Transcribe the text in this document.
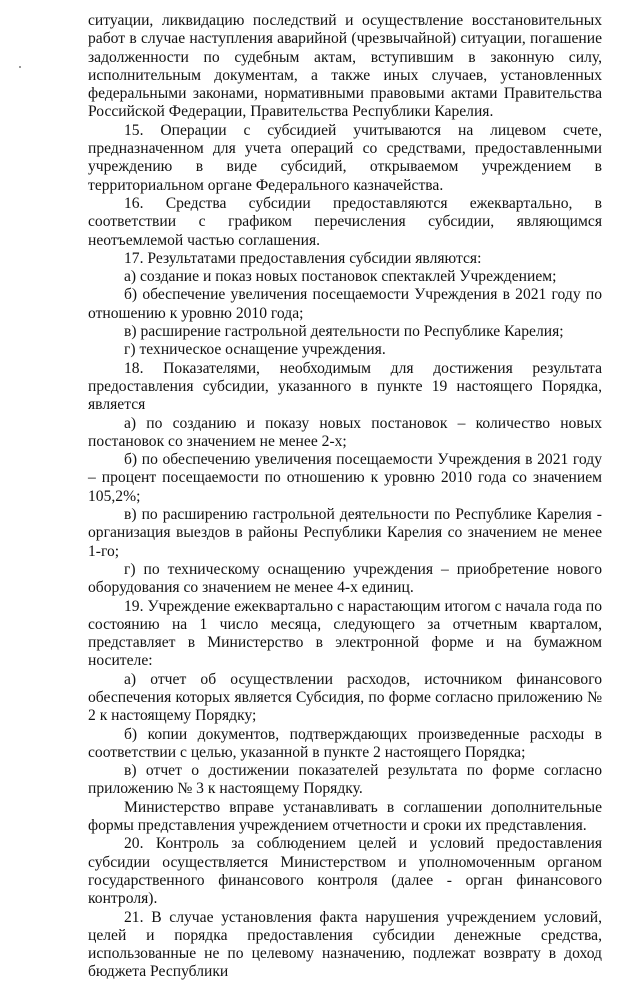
ситуации, ликвидацию последствий и осуществление восстановительных работ в случае наступления аварийной (чрезвычайной) ситуации, погашение задолженности по судебным актам, вступившим в законную силу, исполнительным документам, а также иных случаев, установленных федеральными законами, нормативными правовыми актами Правительства Российской Федерации, Правительства Республики Карелия.

15. Операции с субсидией учитываются на лицевом счете, предназначенном для учета операций со средствами, предоставленными учреждению в виде субсидий, открываемом учреждением в территориальном органе Федерального казначейства.

16. Средства субсидии предоставляются ежеквартально, в соответствии с графиком перечисления субсидии, являющимся неотъемлемой частью соглашения.

17. Результатами предоставления субсидии являются:

а) создание и показ новых постановок спектаклей Учреждением;

б) обеспечение увеличения посещаемости Учреждения в 2021 году по отношению к уровню 2010 года;

в) расширение гастрольной деятельности по Республике Карелия;

г) техническое оснащение учреждения.

18. Показателями, необходимым для достижения результата предоставления субсидии, указанного в пункте 19 настоящего Порядка, является

а) по созданию и показу новых постановок – количество новых постановок со значением не менее 2-х;

б) по обеспечению увеличения посещаемости Учреждения в 2021 году – процент посещаемости по отношению к уровню 2010 года со значением 105,2%;

в) по расширению гастрольной деятельности по Республике Карелия - организация выездов в районы Республики Карелия со значением не менее 1-го;

г) по техническому оснащению учреждения – приобретение нового оборудования со значением не менее 4-х единиц.

19. Учреждение ежеквартально с нарастающим итогом с начала года по состоянию на 1 число месяца, следующего за отчетным кварталом, представляет в Министерство в электронной форме и на бумажном носителе:

а) отчет об осуществлении расходов, источником финансового обеспечения которых является Субсидия, по форме согласно приложению № 2 к настоящему Порядку;

б) копии документов, подтверждающих произведенные расходы в соответствии с целью, указанной в пункте 2 настоящего Порядка;

в) отчет о достижении показателей результата по форме согласно приложению № 3 к настоящему Порядку.

Министерство вправе устанавливать в соглашении дополнительные формы представления учреждением отчетности и сроки их представления.

20. Контроль за соблюдением целей и условий предоставления субсидии осуществляется Министерством и уполномоченным органом государственного финансового контроля (далее - орган финансового контроля).

21. В случае установления факта нарушения учреждением условий, целей и порядка предоставления субсидии денежные средства, использованные не по целевому назначению, подлежат возврату в доход бюджета Республики
